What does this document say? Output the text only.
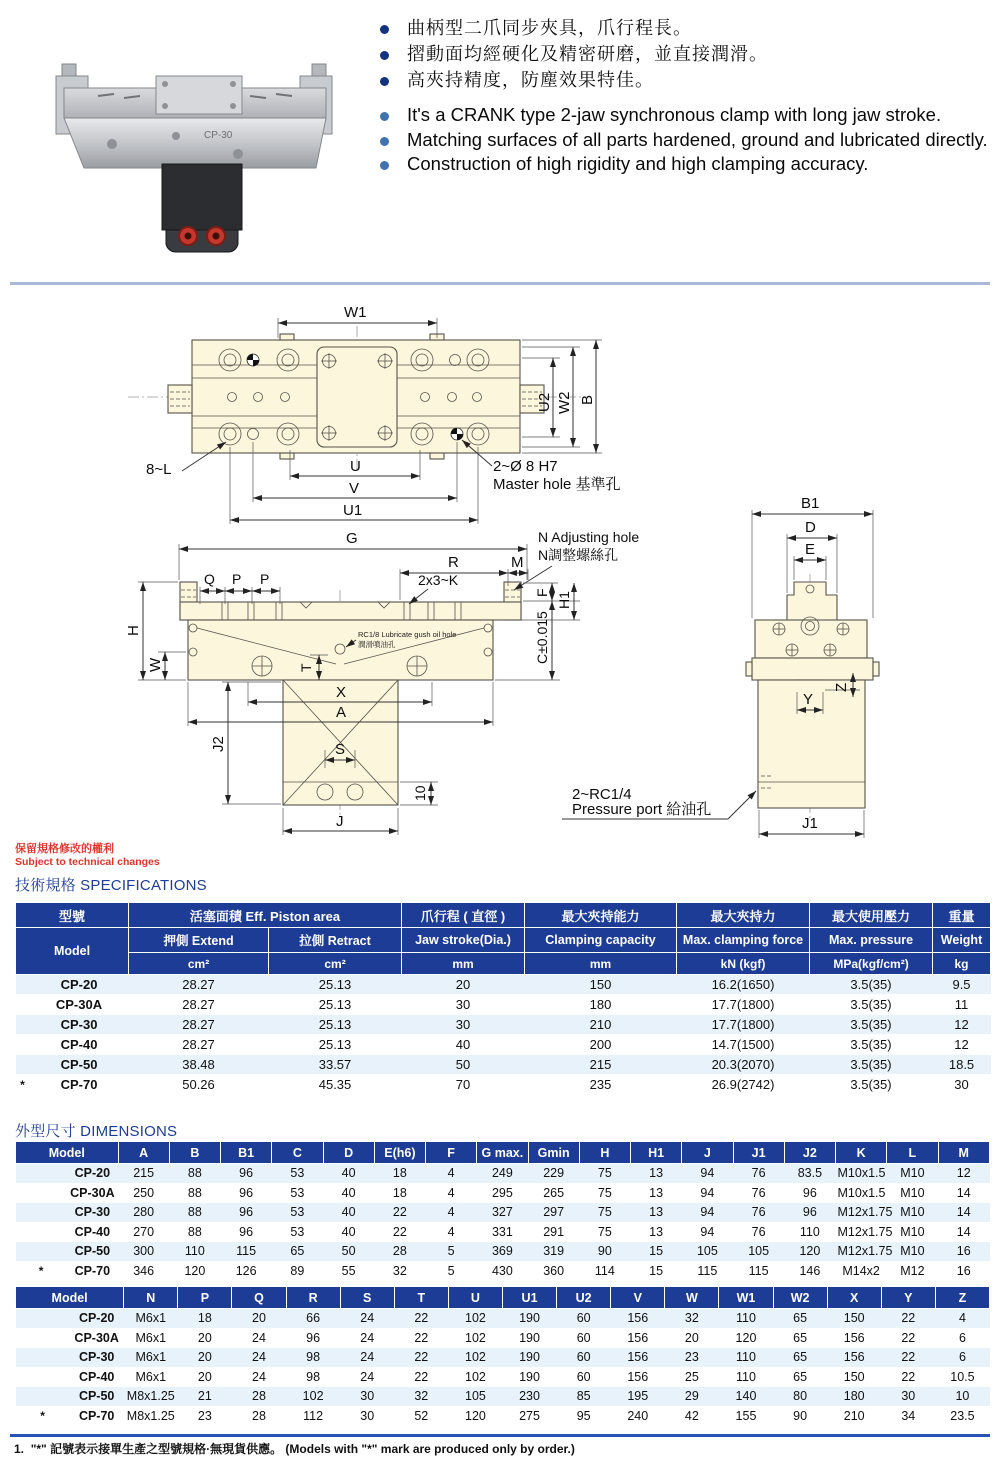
CP-30
曲柄型二爪同步夾具，爪行程長。
摺動面均經硬化及精密研磨，並直接潤滑。
高夾持精度，防塵效果特佳。
It's a CRANK type 2-jaw synchronous clamp with long jaw stroke.
Matching surfaces of all parts hardened, ground and lubricated directly.
Construction of high rigidity and high clamping accuracy.
W1
U2 W2 B
U
V
U1
8~L	2~Ø 8 H7
Master hole 基準孔
G
R	M
2x3~K
N Adjusting hole
N調整螺絲孔
Q P P
H
W
F H1
C±0.015
T
X
A
J2	S
10
J
RC1/8 Lubricate gush oil hole
潤滑噴油孔
B1
D
E
Y
Z
J1
2~RC1/4
Pressure port 給油孔
保留規格修改的權利
Subject to technical changes
技術規格 SPECIFICATIONS
型號		活塞面積 Eff. Piston area		爪行程 ( 直徑 )	最大夾持能力	最大夾持力	最大使用壓力	重量
Model		押側 Extend	拉側 Retract	Jaw stroke(Dia.)	Clamping capacity	Max. clamping force	Max. pressure	Weight
		cm²	cm²	mm	mm	kN (kgf)	MPa(kgf/cm²)	kg
	CP-20	28.27	25.13	20	150	16.2(1650)	3.5(35)	9.5
	CP-30A	28.27	25.13	30	180	17.7(1800)	3.5(35)	11
	CP-30	28.27	25.13	30	210	17.7(1800)	3.5(35)	12
	CP-40	28.27	25.13	40	200	14.7(1500)	3.5(35)	12
	CP-50	38.48	33.57	50	215	20.3(2070)	3.5(35)	18.5
*	CP-70	50.26	45.35	70	235	26.9(2742)	3.5(35)	30
外型尺寸 DIMENSIONS
Model		A	B	B1	C	D	E(h6)	F	G max.	Gmin	H	H1	J	J1	J2	K	L	M
	CP-20	215	88	96	53	40	18	4	249	229	75	13	94	76	83.5	M10x1.5	M10	12
	CP-30A	250	88	96	53	40	18	4	295	265	75	13	94	76	96	M10x1.5	M10	14
	CP-30	280	88	96	53	40	22	4	327	297	75	13	94	76	96	M12x1.75	M10	14
	CP-40	270	88	96	53	40	22	4	331	291	75	13	94	76	110	M12x1.75	M10	14
	CP-50	300	110	115	65	50	28	5	369	319	90	15	105	105	120	M12x1.75	M10	16
*	CP-70	346	120	126	89	55	32	5	430	360	114	15	115	115	146	M14x2	M12	16
Model		N	P	Q	R	S	T	U	U1	U2	V	W	W1	W2	X	Y	Z
	CP-20	M6x1	18	20	66	24	22	102	190	60	156	32	110	65	150	22	4
	CP-30A	M6x1	20	24	96	24	22	102	190	60	156	20	120	65	156	22	6
	CP-30	M6x1	20	24	98	24	22	102	190	60	156	23	110	65	156	22	6
	CP-40	M6x1	20	24	98	24	22	102	190	60	156	25	110	65	150	22	10.5
	CP-50	M8x1.25	21	28	102	30	32	105	230	85	195	29	140	80	180	30	10
*	CP-70	M8x1.25	23	28	112	30	52	120	275	95	240	42	155	90	210	34	23.5
1. "*" 記號表示接單生產之型號規格·無現貨供應。 (Models with "*" mark are produced only by order.)
